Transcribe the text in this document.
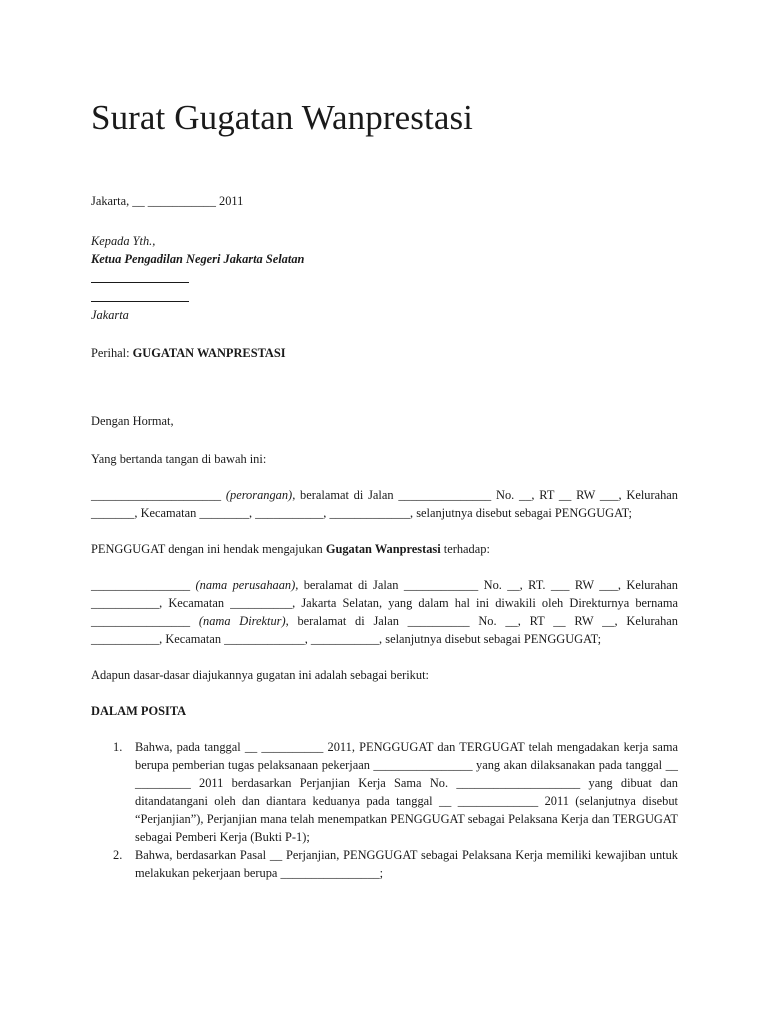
Surat Gugatan Wanprestasi

Jakarta, __ ___________ 2011

Kepada Yth.,

Ketua Pengadilan Negeri Jakarta Selatan

Jakarta

Perihal: GUGATAN WANPRESTASI

Dengan Hormat,

Yang bertanda tangan di bawah ini:

_____________________ (perorangan), beralamat di Jalan _______________ No. __, RT __ RW ___, Kelurahan _______, Kecamatan ________, ___________, _____________, selanjutnya disebut sebagai PENGGUGAT;

PENGGUGAT dengan ini hendak mengajukan Gugatan Wanprestasi terhadap:

________________ (nama perusahaan), beralamat di Jalan ____________ No. __, RT. ___ RW ___, Kelurahan ___________, Kecamatan __________, Jakarta Selatan, yang dalam hal ini diwakili oleh Direkturnya bernama ________________ (nama Direktur), beralamat di Jalan __________ No. __, RT __ RW __, Kelurahan ___________, Kecamatan _____________, ___________, selanjutnya disebut sebagai PENGGUGAT;

Adapun dasar-dasar diajukannya gugatan ini adalah sebagai berikut:

DALAM POSITA

1. Bahwa, pada tanggal __ __________ 2011, PENGGUGAT dan TERGUGAT telah mengadakan kerja sama berupa pemberian tugas pelaksanaan pekerjaan ________________ yang akan dilaksanakan pada tanggal __ _________ 2011 berdasarkan Perjanjian Kerja Sama No. ____________________ yang dibuat dan ditandatangani oleh dan diantara keduanya pada tanggal __ _____________ 2011 (selanjutnya disebut “Perjanjian”), Perjanjian mana telah menempatkan PENGGUGAT sebagai Pelaksana Kerja dan TERGUGAT sebagai Pemberi Kerja (Bukti P-1);
2. Bahwa, berdasarkan Pasal __ Perjanjian, PENGGUGAT sebagai Pelaksana Kerja memiliki kewajiban untuk melakukan pekerjaan berupa ________________;
